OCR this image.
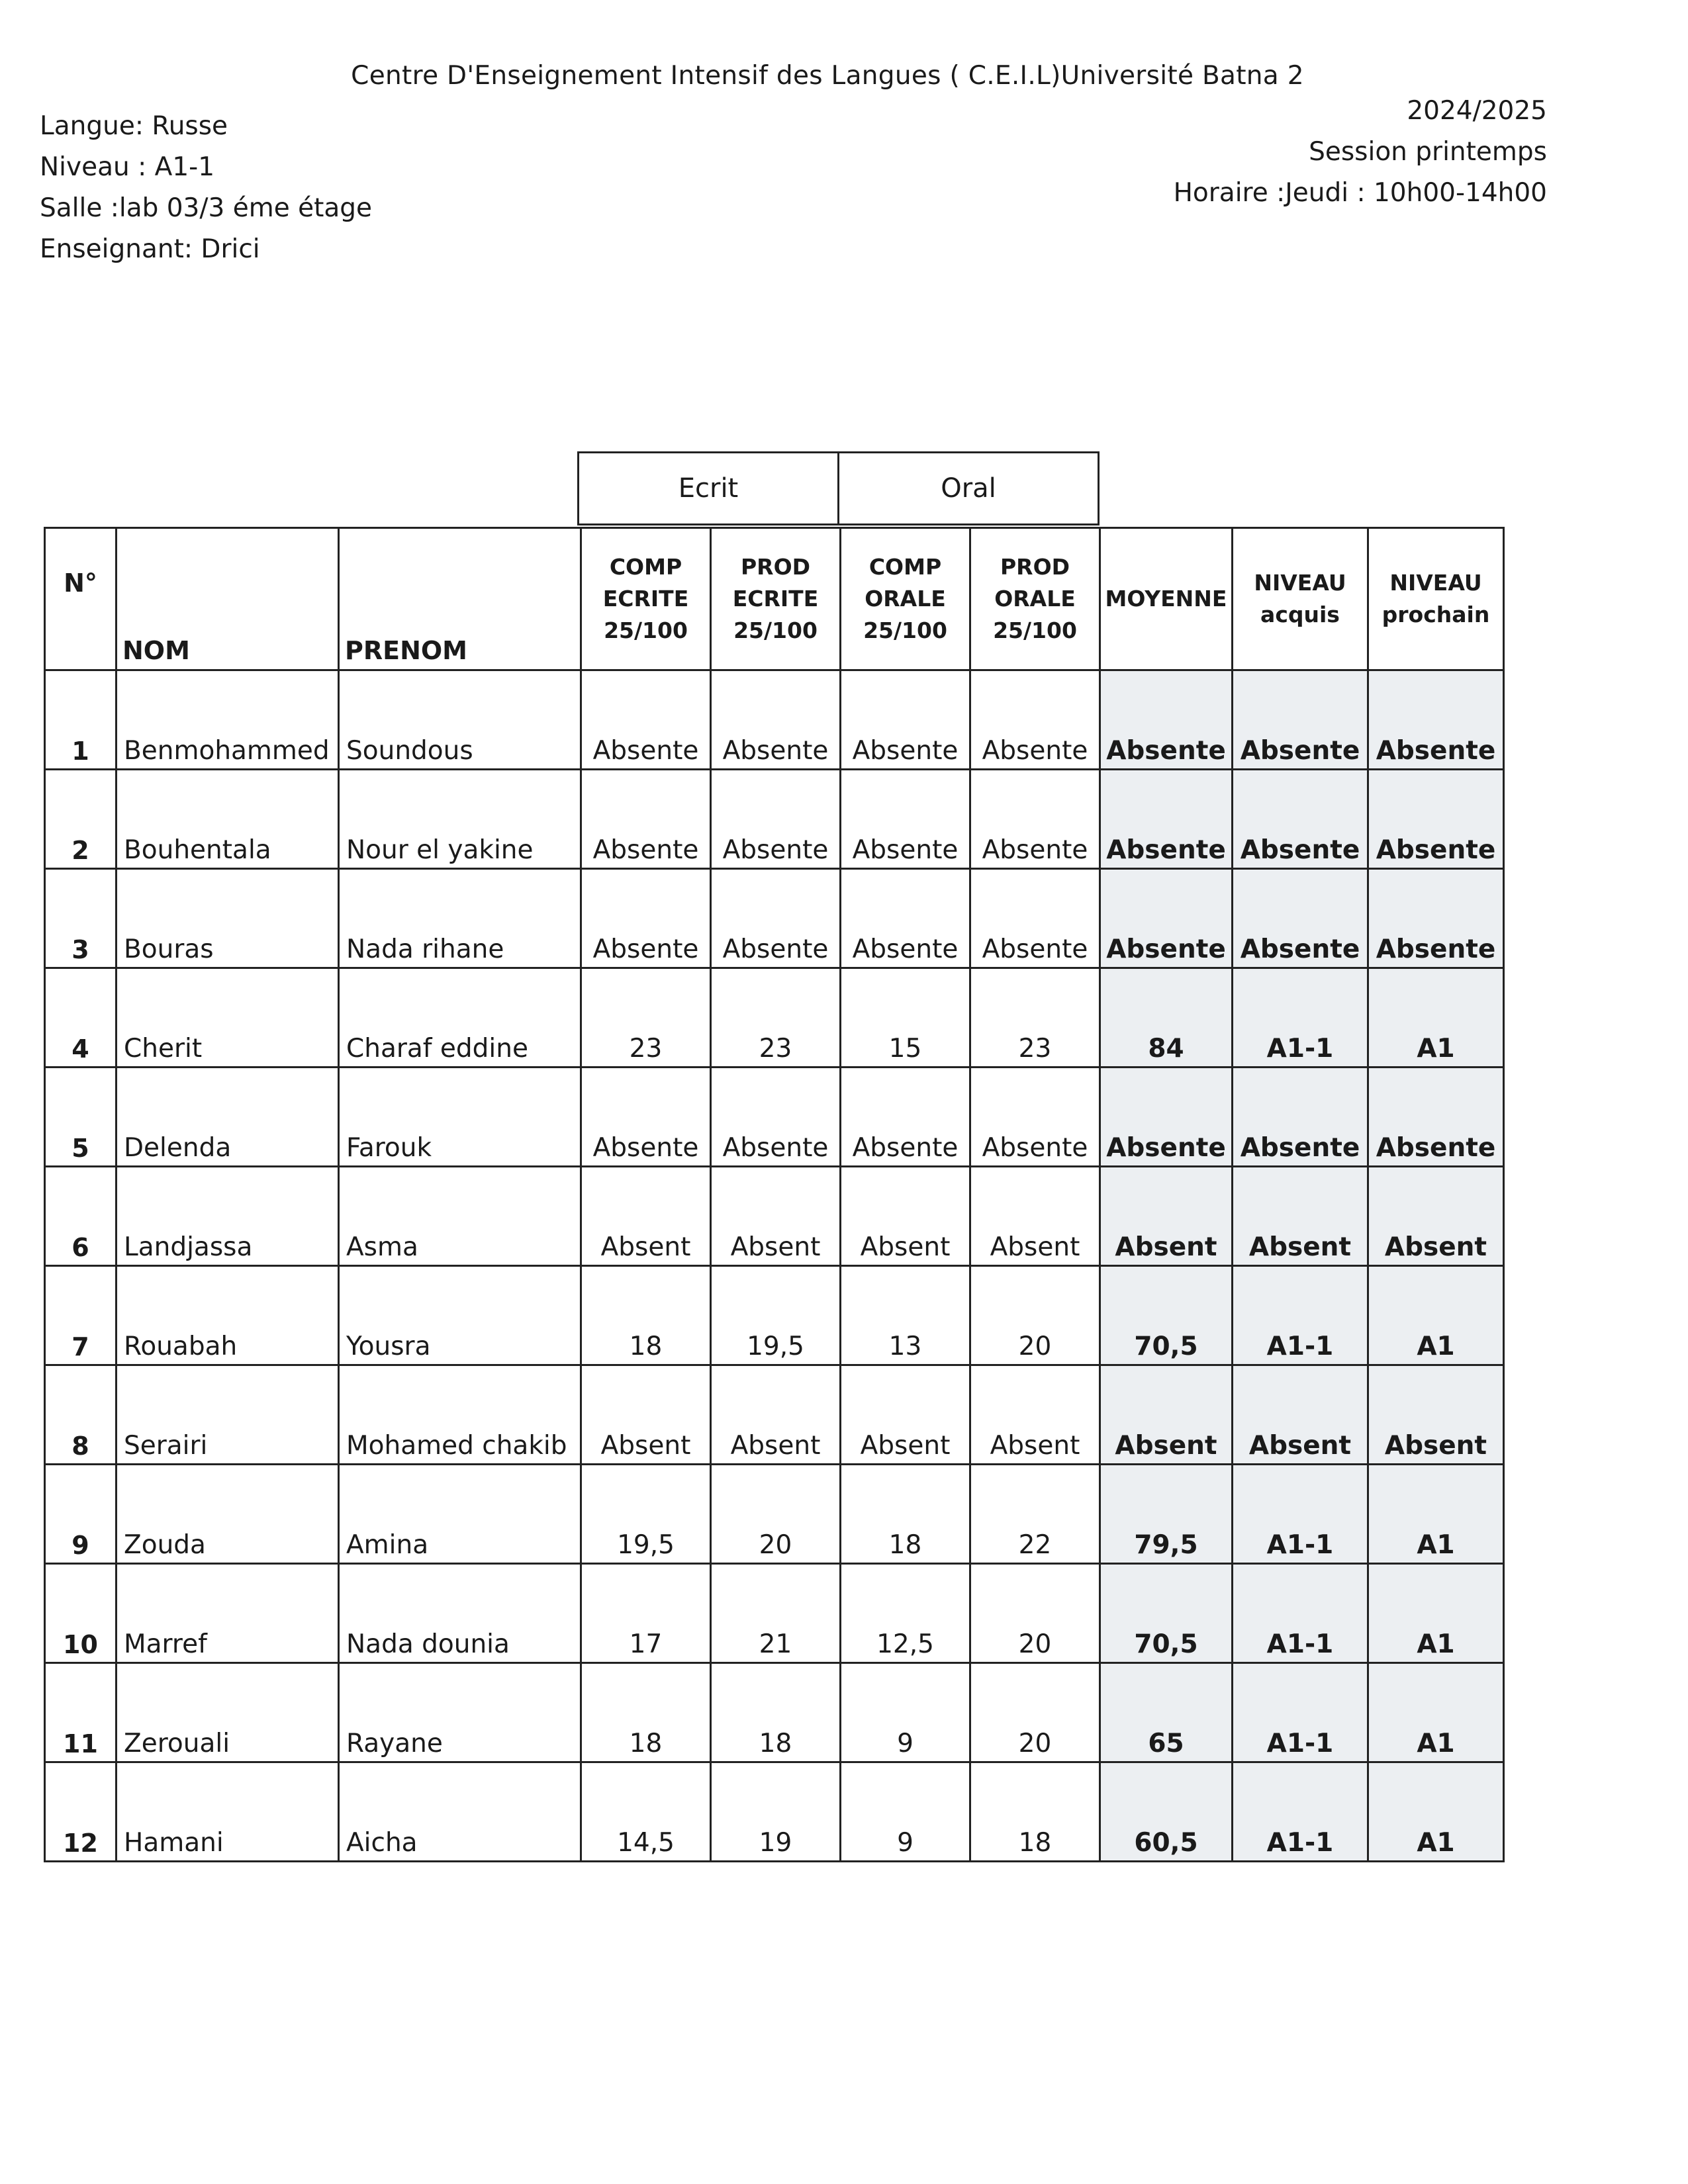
Centre D'Enseignement Intensif des Langues ( C.E.I.L)Université Batna 2
Langue: Russe
Niveau : A1-1
Salle :lab 03/3 éme étage
Enseignant: Drici
2024/2025
Session printemps
Horaire :Jeudi : 10h00-14h00
Ecrit	Oral
N°	NOM	PRENOM	COMP
ECRITE
25/100	PROD
ECRITE
25/100	COMP
ORALE
25/100	PROD
ORALE
25/100	MOYENNE	NIVEAU
acquis	NIVEAU
prochain

1	Benmohammed	Soundous	Absente	Absente	Absente	Absente	Absente	Absente	Absente
2	Bouhentala	Nour el yakine	Absente	Absente	Absente	Absente	Absente	Absente	Absente
3	Bouras	Nada rihane	Absente	Absente	Absente	Absente	Absente	Absente	Absente
4	Cherit	Charaf eddine	23	23	15	23	84	A1-1	A1
5	Delenda	Farouk	Absente	Absente	Absente	Absente	Absente	Absente	Absente
6	Landjassa	Asma	Absent	Absent	Absent	Absent	Absent	Absent	Absent
7	Rouabah	Yousra	18	19,5	13	20	70,5	A1-1	A1
8	Serairi	Mohamed chakib	Absent	Absent	Absent	Absent	Absent	Absent	Absent
9	Zouda	Amina	19,5	20	18	22	79,5	A1-1	A1
10	Marref	Nada dounia	17	21	12,5	20	70,5	A1-1	A1
11	Zerouali	Rayane	18	18	9	20	65	A1-1	A1
12	Hamani	Aicha	14,5	19	9	18	60,5	A1-1	A1
